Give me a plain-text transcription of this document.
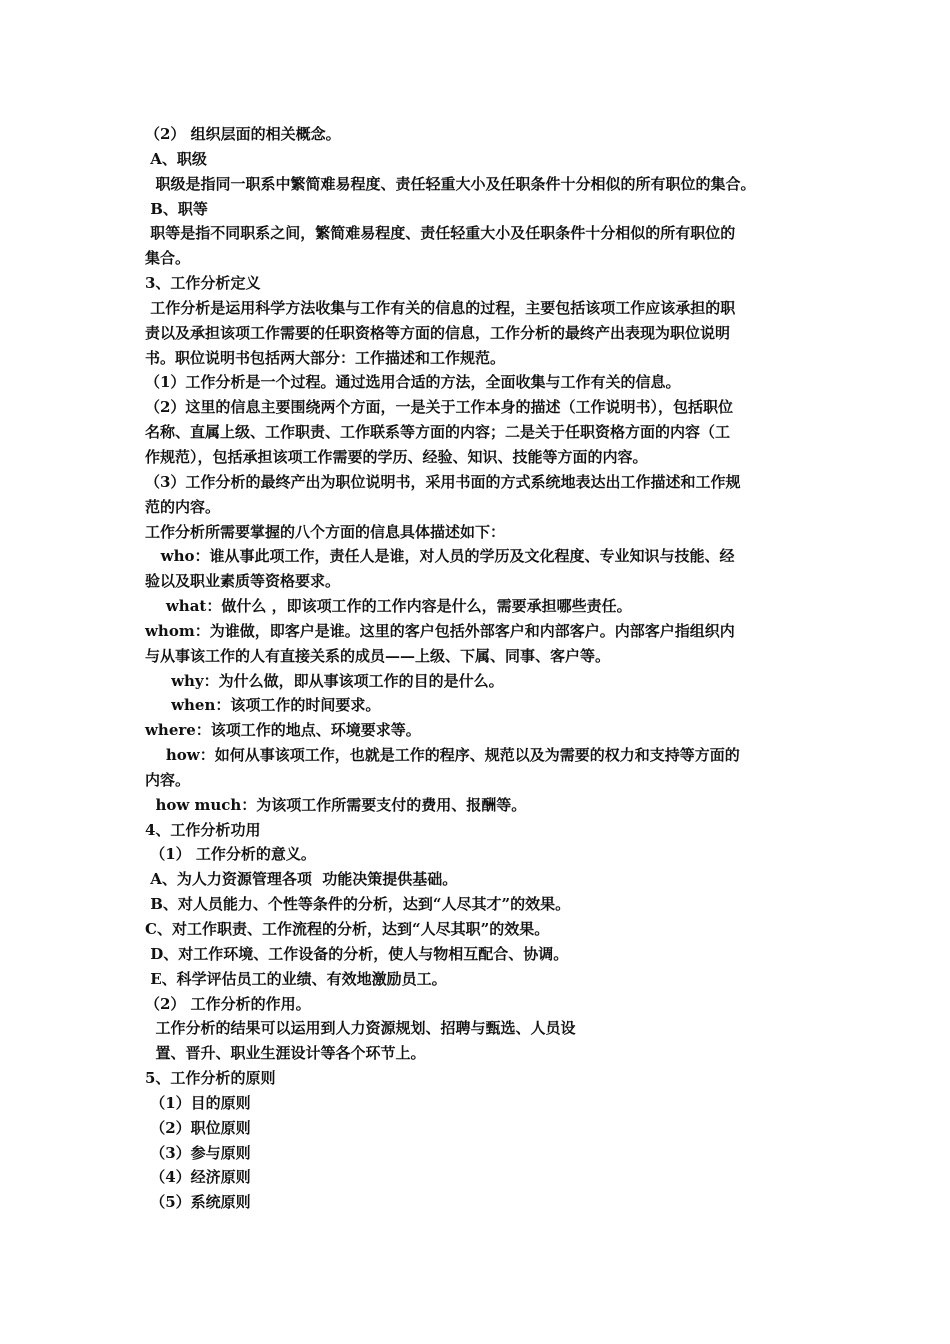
（2） 组织层面的相关概念。
A、职级
职级是指同一职系中繁简难易程度、责任轻重大小及任职条件十分相似的所有职位的集合。
B、职等
职等是指不同职系之间，繁简难易程度、责任轻重大小及任职条件十分相似的所有职位的
集合。
3、工作分析定义
工作分析是运用科学方法收集与工作有关的信息的过程，主要包括该项工作应该承担的职
责以及承担该项工作需要的任职资格等方面的信息，工作分析的最终产出表现为职位说明
书。职位说明书包括两大部分：工作描述和工作规范。
（1）工作分析是一个过程。通过选用合适的方法，全面收集与工作有关的信息。
（2）这里的信息主要围绕两个方面，一是关于工作本身的描述（工作说明书），包括职位
名称、直属上级、工作职责、工作联系等方面的内容；二是关于任职资格方面的内容（工
作规范），包括承担该项工作需要的学历、经验、知识、技能等方面的内容。
（3）工作分析的最终产出为职位说明书，采用书面的方式系统地表达出工作描述和工作规
范的内容。
工作分析所需要掌握的八个方面的信息具体描述如下：
who：谁从事此项工作，责任人是谁，对人员的学历及文化程度、专业知识与技能、经
验以及职业素质等资格要求。
what：做什么 ，即该项工作的工作内容是什么，需要承担哪些责任。
whom：为谁做，即客户是谁。这里的客户包括外部客户和内部客户。内部客户指组织内
与从事该工作的人有直接关系的成员——上级、下属、同事、客户等。
why：为什么做，即从事该项工作的目的是什么。
when：该项工作的时间要求。
where：该项工作的地点、环境要求等。
how：如何从事该项工作，也就是工作的程序、规范以及为需要的权力和支持等方面的
内容。
how much：为该项工作所需要支付的费用、报酬等。
4、工作分析功用
（1） 工作分析的意义。
A、为人力资源管理各项  功能决策提供基础。
B、对人员能力、个性等条件的分析，达到“人尽其才”的效果。
C、对工作职责、工作流程的分析，达到“人尽其职”的效果。
D、对工作环境、工作设备的分析，使人与物相互配合、协调。
E、科学评估员工的业绩、有效地激励员工。
（2） 工作分析的作用。
工作分析的结果可以运用到人力资源规划、招聘与甄选、人员设
置、晋升、职业生涯设计等各个环节上。
5、工作分析的原则
（1）目的原则
（2）职位原则
（3）参与原则
（4）经济原则
（5）系统原则
